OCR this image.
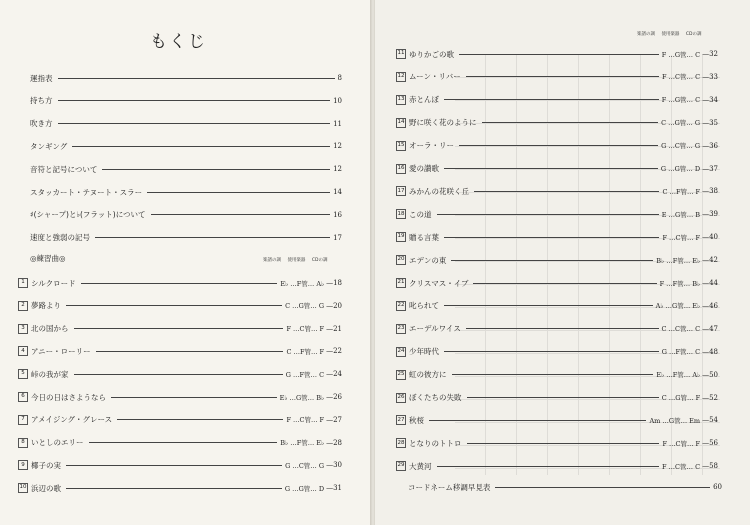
もくじ
運指表	8
持ち方	10
吹き方	11
タンギング	12
音符と記号について	12
スタッカート・テヌート・スラー	14
♯(シャープ)と♭(フラット)について	16
速度と強弱の記号	17
◎練習曲◎	楽譜の調 使用楽器 CDの調
1 シルクロード	E♭ …F管… A♭ — 18
2 夢路より	C …G管… G — 20
3 北の国から	F …C管… F — 21
4 アニー・ローリー	C …F管… F — 22
5 峠の我が家	G …F管… C — 24
6 今日の日はさようなら	E♭ …G管… B♭ — 26
7 アメイジング・グレース	F …C管… F — 27
8 いとしのエリー	B♭ …F管… E♭ — 28
9 椰子の実	G …C管… G — 30
10 浜辺の歌	G …G管… D — 31
楽譜の調 使用楽器 CDの調
11 ゆりかごの歌	F …G管… C — 32
12 ムーン・リバー	F …C管… C — 33
13 赤とんぼ	F …G管… C — 34
14 野に咲く花のように	C …G管… G — 35
15 オーラ・リー	G …C管… G — 36
16 愛の讃歌	G …G管… D — 37
17 みかんの花咲く丘	C …F管… F — 38
18 この道	E …G管… B — 39
19 贈る言葉	F …C管… F — 40
20 エデンの東	B♭ …F管… E♭ — 42
21 クリスマス・イブ	F …F管… B♭ — 44
22 叱られて	A♭ …G管… E♭ — 46
23 エーデルワイス	C …C管… C — 47
24 少年時代	G …F管… C — 48
25 虹の彼方に	E♭ …F管… A♭ — 50
26 ぼくたちの失敗	C …G管… F — 52
27 秋桜	Am …G管… Em — 54
28 となりのトトロ	F …C管… F — 56
29 大黄河	F …C管… C — 58
コードネーム移調早見表	60
